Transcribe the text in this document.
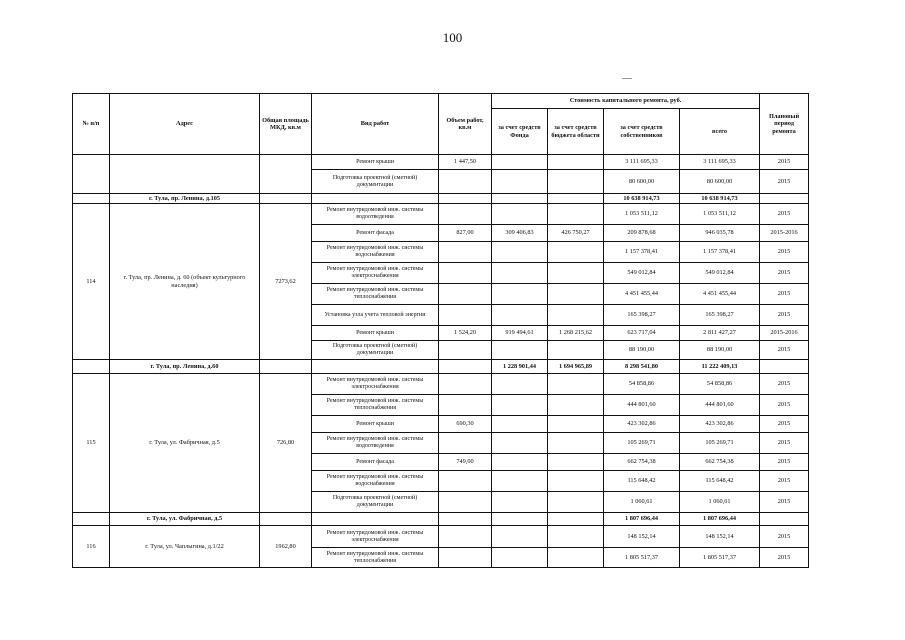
100
№ п/п	Адрес	Общая площадь МКД, кв.м	Вид работ	Объем работ, кв.м	Стоимость капитального ремонта, руб.				Плановый период ремонта
					за счет средств Фонда	за счет средств бюджета области	за счет средств собственников	всего	
			Ремонт крыши	1 447,50			3 111 695,33	3 111 695,33	2015
			Подготовка проектной (сметной) документации				80 600,00	80 600,00	2015
	г. Тула, пр. Ленина, д.105						10 638 914,73	10 638 914,73	
114	г. Тула, пр. Ленина, д. 60 (объект культурного наследия)	7273,62	Ремонт внутридомовой инж. системы водоотведения				1 053 511,12	1 053 511,12	2015
			Ремонт фасада	827,00	309 406,83	426 750,27	209 878,68	946 035,78	2015-2016
			Ремонт внутридомовой инж. системы водоснабжения				1 157 378,41	1 157 378,41	2015
			Ремонт внутридомовой инж. системы электроснабжения				549 012,84	549 012,84	2015
			Ремонт внутридомовой инж. системы теплоснабжения				4 451 455,44	4 451 455,44	2015
			Установка узла учета тепловой энергии				165 398,27	165 398,27	2015
			Ремонт крыши	1 524,20	919 494,61	1 268 215,62	623 717,04	2 811 427,27	2015-2016
			Подготовка проектной (сметной) документации				88 190,00	88 190,00	2015
	г. Тула, пр. Ленина, д.60				1 228 901,44	1 694 965,89	8 298 541,80	11 222 409,13	
115	г. Тула, ул. Фабричная, д.5	726,80	Ремонт внутридомовой инж. системы электроснабжения				54 858,86	54 858,86	2015
			Ремонт внутридомовой инж. системы теплоснабжения				444 801,60	444 801,60	2015
			Ремонт крыши	690,30			423 302,86	423 302,86	2015
			Ремонт внутридомовой инж. системы водоотведения				105 269,71	105 269,71	2015
			Ремонт фасада	749,00			662 754,38	662 754,38	2015
			Ремонт внутридомовой инж. системы водоснабжения				115 648,42	115 648,42	2015
			Подготовка проектной (сметной) документации				1 060,61	1 060,61	2015
	г. Тула, ул. Фабричная, д.5						1 807 696,44	1 807 696,44	
116	г. Тула, ул. Чаплыгина, д.1/22	1962,80	Ремонт внутридомовой инж. системы электроснабжения				148 152,14	148 152,14	2015
			Ремонт внутридомовой инж. системы теплоснабжения				1 805 517,37	1 805 517,37	2015
